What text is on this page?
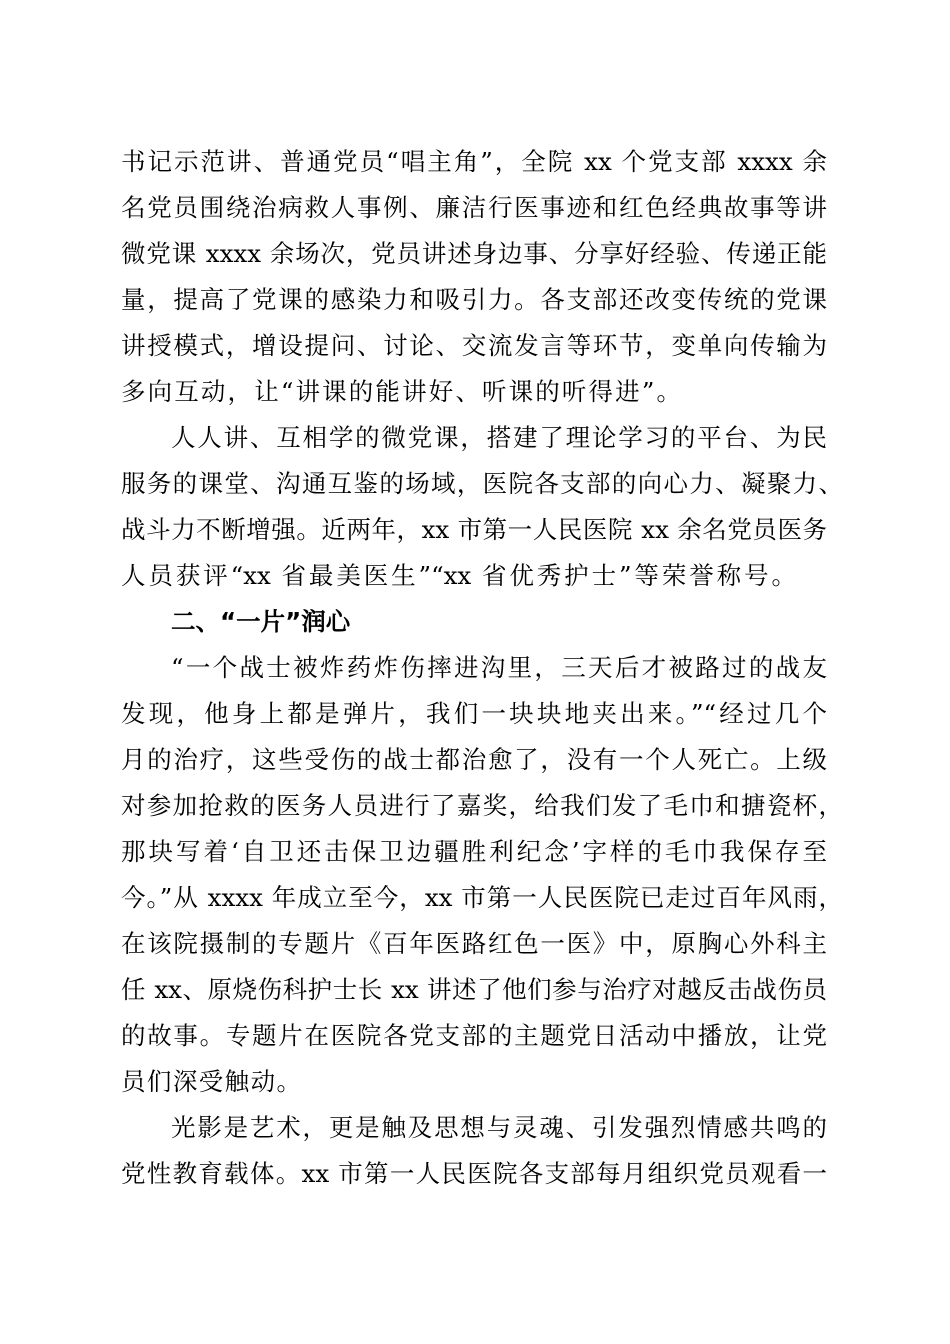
书记示范讲、普通党员“唱主角”，全院 xx 个党支部 xxxx 余
名党员围绕治病救人事例、廉洁行医事迹和红色经典故事等讲
微党课 xxxx 余场次，党员讲述身边事、分享好经验、传递正能
量，提高了党课的感染力和吸引力。各支部还改变传统的党课
讲授模式，增设提问、讨论、交流发言等环节，变单向传输为
多向互动，让“讲课的能讲好、听课的听得进”。
人人讲、互相学的微党课，搭建了理论学习的平台、为民
服务的课堂、沟通互鉴的场域，医院各支部的向心力、凝聚力、
战斗力不断增强。近两年，xx 市第一人民医院 xx 余名党员医务
人员获评“xx 省最美医生”“xx 省优秀护士”等荣誉称号。
二、“一片”润心
“一个战士被炸药炸伤摔进沟里，三天后才被路过的战友
发现，他身上都是弹片，我们一块块地夹出来。”“经过几个
月的治疗，这些受伤的战士都治愈了，没有一个人死亡。上级
对参加抢救的医务人员进行了嘉奖，给我们发了毛巾和搪瓷杯，
那块写着‘自卫还击保卫边疆胜利纪念’字样的毛巾我保存至
今。”从 xxxx 年成立至今，xx 市第一人民医院已走过百年风雨，
在该院摄制的专题片《百年医路红色一医》中，原胸心外科主
任 xx、原烧伤科护士长 xx 讲述了他们参与治疗对越反击战伤员
的故事。专题片在医院各党支部的主题党日活动中播放，让党
员们深受触动。
光影是艺术，更是触及思想与灵魂、引发强烈情感共鸣的
党性教育载体。xx 市第一人民医院各支部每月组织党员观看一
